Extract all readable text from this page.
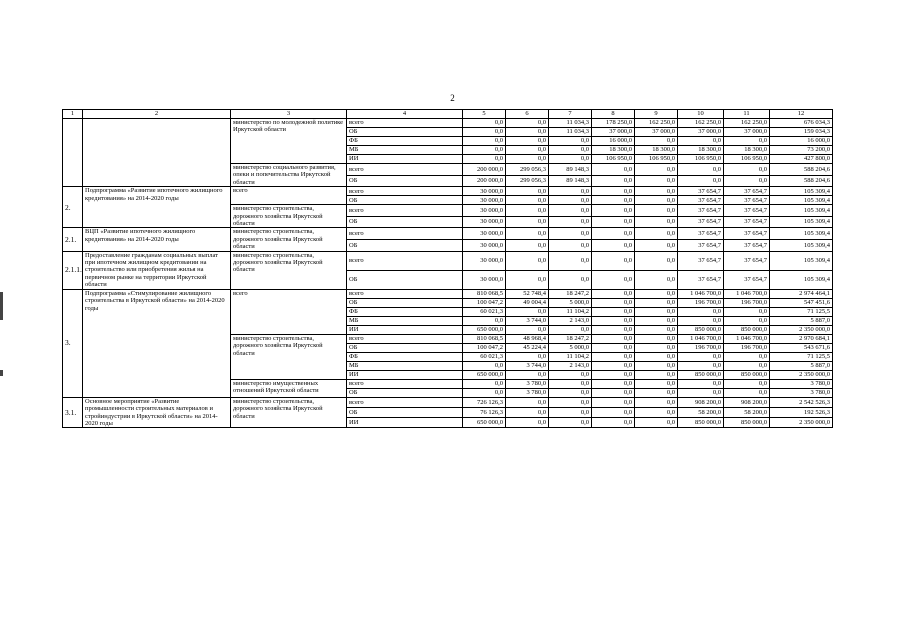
2
1	2	3	4	5	6	7	8	9	10	11	12
		министерство по молодежной политике Иркутской области	всего	0,0	0,0	11 034,3	178 250,0	162 250,0	162 250,0	162 250,0	676 034,3
			ОБ	0,0	0,0	11 034,3	37 000,0	37 000,0	37 000,0	37 000,0	159 034,3
			ФБ	0,0	0,0	0,0	16 000,0	0,0	0,0	0,0	16 000,0
			МБ	0,0	0,0	0,0	18 300,0	18 300,0	18 300,0	18 300,0	73 200,0
			ИИ	0,0	0,0	0,0	106 950,0	106 950,0	106 950,0	106 950,0	427 800,0
		министерство социального развития, опеки и попечительства Иркутской области	всего	200 000,0	299 056,3	89 148,3	0,0	0,0	0,0	0,0	588 204,6
			ОБ	200 000,0	299 056,3	89 148,3	0,0	0,0	0,0	0,0	588 204,6
2.	Подпрограмма «Развитие ипотечного жилищного кредитования» на 2014-2020 годы	всего	всего	30 000,0	0,0	0,0	0,0	0,0	37 654,7	37 654,7	105 309,4
			ОБ	30 000,0	0,0	0,0	0,0	0,0	37 654,7	37 654,7	105 309,4
		министерство строительства, дорожного хозяйства Иркутской области	всего	30 000,0	0,0	0,0	0,0	0,0	37 654,7	37 654,7	105 309,4
			ОБ	30 000,0	0,0	0,0	0,0	0,0	37 654,7	37 654,7	105 309,4
2.1.	ВЦП «Развитие ипотечного жилищного кредитования» на 2014-2020 годы	министерство строительства, дорожного хозяйства Иркутской области	всего	30 000,0	0,0	0,0	0,0	0,0	37 654,7	37 654,7	105 309,4
			ОБ	30 000,0	0,0	0,0	0,0	0,0	37 654,7	37 654,7	105 309,4
2.1.1.	Предоставление гражданам социальных выплат при ипотечном жилищном кредитовании на строительство или приобретения жилья на первичном рынке на территории Иркутской области	министерство строительства, дорожного хозяйства Иркутской области	всего	30 000,0	0,0	0,0	0,0	0,0	37 654,7	37 654,7	105 309,4
			ОБ	30 000,0	0,0	0,0	0,0	0,0	37 654,7	37 654,7	105 309,4
3.	Подпрограмма «Стимулирование жилищного строительства в Иркутской области» на 2014-2020 годы	всего	всего	810 068,5	52 748,4	18 247,2	0,0	0,0	1 046 700,0	1 046 700,0	2 974 464,1
			ОБ	100 047,2	49 004,4	5 000,0	0,0	0,0	196 700,0	196 700,0	547 451,6
			ФБ	60 021,3	0,0	11 104,2	0,0	0,0	0,0	0,0	71 125,5
			МБ	0,0	3 744,0	2 143,0	0,0	0,0	0,0	0,0	5 887,0
			ИИ	650 000,0	0,0	0,0	0,0	0,0	850 000,0	850 000,0	2 350 000,0
		министерство строительства, дорожного хозяйства Иркутской области	всего	810 068,5	48 968,4	18 247,2	0,0	0,0	1 046 700,0	1 046 700,0	2 970 684,1
			ОБ	100 047,2	45 224,4	5 000,0	0,0	0,0	196 700,0	196 700,0	543 671,6
			ФБ	60 021,3	0,0	11 104,2	0,0	0,0	0,0	0,0	71 125,5
			МБ	0,0	3 744,0	2 143,0	0,0	0,0	0,0	0,0	5 887,0
			ИИ	650 000,0	0,0	0,0	0,0	0,0	850 000,0	850 000,0	2 350 000,0
		министерство имущественных отношений Иркутской области	всего	0,0	3 780,0	0,0	0,0	0,0	0,0	0,0	3 780,0
			ОБ	0,0	3 780,0	0,0	0,0	0,0	0,0	0,0	3 780,0
3.1.	Основное мероприятие «Развитие промышленности строительных материалов и стройиндустрии в Иркутской области» на 2014-2020 годы	министерство строительства, дорожного хозяйства Иркутской области	всего	726 126,3	0,0	0,0	0,0	0,0	908 200,0	908 200,0	2 542 526,3
			ОБ	76 126,3	0,0	0,0	0,0	0,0	58 200,0	58 200,0	192 526,3
			ИИ	650 000,0	0,0	0,0	0,0	0,0	850 000,0	850 000,0	2 350 000,0
